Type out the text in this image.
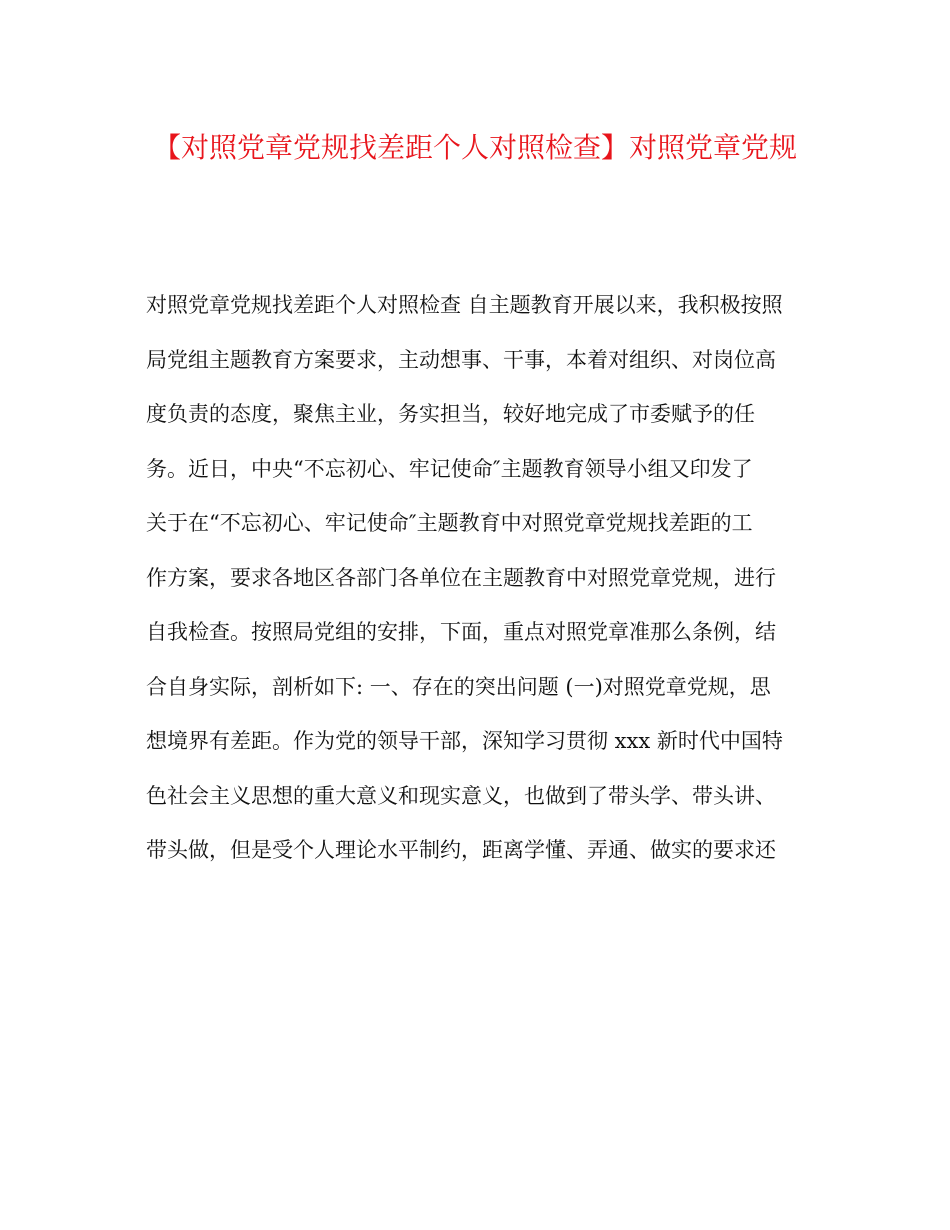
【对照党章党规找差距个人对照检查】对照党章党规
对照党章党规找差距个人对照检查 自主题教育开展以来，我积极按照
局党组主题教育方案要求，主动想事、干事，本着对组织、对岗位高
度负责的态度，聚焦主业，务实担当，较好地完成了市委赋予的任
务。近日，中央“不忘初心、牢记使命″主题教育领导小组又印发了
关于在“不忘初心、牢记使命″主题教育中对照党章党规找差距的工
作方案，要求各地区各部门各单位在主题教育中对照党章党规，进行
自我检查。按照局党组的安排，下面，重点对照党章准那么条例，结
合自身实际，剖析如下: 一、存在的突出问题 (一)对照党章党规，思
想境界有差距。作为党的领导干部，深知学习贯彻 xxx 新时代中国特
色社会主义思想的重大意义和现实意义，也做到了带头学、带头讲、
带头做，但是受个人理论水平制约，距离学懂、弄通、做实的要求还
